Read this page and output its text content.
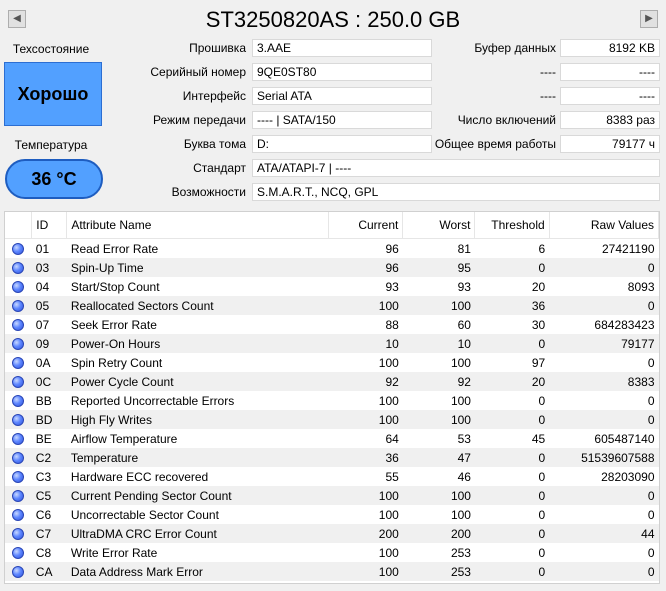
◀	ST3250820AS : 250.0 GB	▶
Техсостояние
Хорошо
Температура
36 °C
Прошивка 3.AAE
Серийный номер 9QE0ST80
Интерфейс Serial ATA
Режим передачи ---- | SATA/150
Буква тома D:
Стандарт ATA/ATAPI-7 | ----
Возможности S.M.A.R.T., NCQ, GPL
Буфер данных	8192 KB
----	----
----	----
Число включений	8383 раз
Общее время работы	79177 ч
	ID	Attribute Name	Current	Worst	Threshold	Raw Values
	01	Read Error Rate	96	81	6	27421190
	03	Spin-Up Time	96	95	0	0
	04	Start/Stop Count	93	93	20	8093
	05	Reallocated Sectors Count	100	100	36	0
	07	Seek Error Rate	88	60	30	684283423
	09	Power-On Hours	10	10	0	79177
	0A	Spin Retry Count	100	100	97	0
	0C	Power Cycle Count	92	92	20	8383
	BB	Reported Uncorrectable Errors	100	100	0	0
	BD	High Fly Writes	100	100	0	0
	BE	Airflow Temperature	64	53	45	605487140
	C2	Temperature	36	47	0	51539607588
	C3	Hardware ECC recovered	55	46	0	28203090
	C5	Current Pending Sector Count	100	100	0	0
	C6	Uncorrectable Sector Count	100	100	0	0
	C7	UltraDMA CRC Error Count	200	200	0	44
	C8	Write Error Rate	100	253	0	0
	CA	Data Address Mark Error	100	253	0	0
